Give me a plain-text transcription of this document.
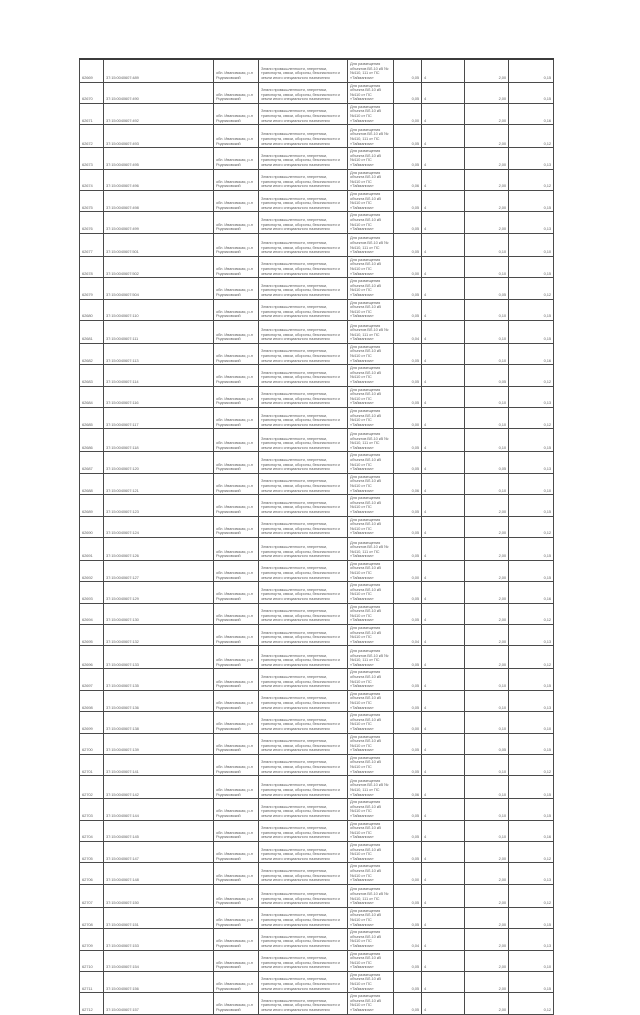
62669	37:15:0040607:489	обл. Ивановская, р-н Родниковский	Земли промышленности, энергетики, транспорта, связи, обороны, безопасности и земли иного специального назначения	Для размещения объектов ВЛ-10 кВ №№110, 111 от ПС «Тайманиха»	0,05	4	2,00	0,15
62670	37:15:0040607:490	обл. Ивановская, р-н Родниковский	Земли промышленности, энергетики, транспорта, связи, обороны, безопасности и земли иного специального назначения	Для размещения объекта ВЛ-10 кВ №110 от ПС «Тайманиха»	0,05	4	2,00	0,15
62671	37:15:0040607:492	обл. Ивановская, р-н Родниковский	Земли промышленности, энергетики, транспорта, связи, обороны, безопасности и земли иного специального назначения	Для размещения объекта ВЛ-10 кВ №110 от ПС «Тайманиха»	0,00	4	2,00	0,16
62672	37:15:0040607:493	обл. Ивановская, р-н Родниковский	Земли промышленности, энергетики, транспорта, связи, обороны, безопасности и земли иного специального назначения	Для размещения объектов ВЛ-10 кВ №№110, 111 от ПС «Тайманиха»	0,05	4	2,00	0,12
62673	37:15:0040607:495	обл. Ивановская, р-н Родниковский	Земли промышленности, энергетики, транспорта, связи, обороны, безопасности и земли иного специального назначения	Для размещения объекта ВЛ-10 кВ №110 от ПС «Тайманиха»	0,05	4	2,00	0,13
62674	37:15:0040607:496	обл. Ивановская, р-н Родниковский	Земли промышленности, энергетики, транспорта, связи, обороны, безопасности и земли иного специального назначения	Для размещения объекта ВЛ-10 кВ №110 от ПС «Тайманиха»	0,06	4	2,00	0,12
62675	37:15:0040607:498	обл. Ивановская, р-н Родниковский	Земли промышленности, энергетики, транспорта, связи, обороны, безопасности и земли иного специального назначения	Для размещения объекта ВЛ-10 кВ №110 от ПС «Тайманиха»	0,05	4	2,00	0,15
62676	37:15:0040607:499	обл. Ивановская, р-н Родниковский	Земли промышленности, энергетики, транспорта, связи, обороны, безопасности и земли иного специального назначения	Для размещения объекта ВЛ-10 кВ №110 от ПС «Тайманиха»	0,05	4	2,00	0,13
62677	37:15:0040607:501	обл. Ивановская, р-н Родниковский	Земли промышленности, энергетики, транспорта, связи, обороны, безопасности и земли иного специального назначения	Для размещения объектов ВЛ-10 кВ №№110, 111 от ПС «Тайманиха»	0,05	4	0,10	0,10
62678	37:15:0040607:502	обл. Ивановская, р-н Родниковский	Земли промышленности, энергетики, транспорта, связи, обороны, безопасности и земли иного специального назначения	Для размещения объекта ВЛ-10 кВ №110 от ПС «Тайманиха»	0,00	4	0,10	0,15
62679	37:15:0040607:504	обл. Ивановская, р-н Родниковский	Земли промышленности, энергетики, транспорта, связи, обороны, безопасности и земли иного специального назначения	Для размещения объекта ВЛ-10 кВ №110 от ПС «Тайманиха»	0,05	4	0,05	0,12
62680	37:15:0040607:110	обл. Ивановская, р-н Родниковский	Земли промышленности, энергетики, транспорта, связи, обороны, безопасности и земли иного специального назначения	Для размещения объекта ВЛ-10 кВ №110 от ПС «Тайманиха»	0,05	4	0,10	0,15
62681	37:15:0040607:111	обл. Ивановская, р-н Родниковский	Земли промышленности, энергетики, транспорта, связи, обороны, безопасности и земли иного специального назначения	Для размещения объектов ВЛ-10 кВ №№110, 111 от ПС «Тайманиха»	0,04	4	0,10	0,15
62682	37:15:0040607:113	обл. Ивановская, р-н Родниковский	Земли промышленности, энергетики, транспорта, связи, обороны, безопасности и земли иного специального назначения	Для размещения объекта ВЛ-10 кВ №110 от ПС «Тайманиха»	0,05	4	0,10	0,16
62683	37:15:0040607:114	обл. Ивановская, р-н Родниковский	Земли промышленности, энергетики, транспорта, связи, обороны, безопасности и земли иного специального назначения	Для размещения объекта ВЛ-10 кВ №110 от ПС «Тайманиха»	0,05	4	0,05	0,12
62684	37:15:0040607:116	обл. Ивановская, р-н Родниковский	Земли промышленности, энергетики, транспорта, связи, обороны, безопасности и земли иного специального назначения	Для размещения объекта ВЛ-10 кВ №110 от ПС «Тайманиха»	0,05	4	0,10	0,13
62685	37:15:0040607:117	обл. Ивановская, р-н Родниковский	Земли промышленности, энергетики, транспорта, связи, обороны, безопасности и земли иного специального назначения	Для размещения объекта ВЛ-10 кВ №110 от ПС «Тайманиха»	0,00	4	0,10	0,12
62686	37:15:0040607:118	обл. Ивановская, р-н Родниковский	Земли промышленности, энергетики, транспорта, связи, обороны, безопасности и земли иного специального назначения	Для размещения объектов ВЛ-10 кВ №№110, 111 от ПС «Тайманиха»	0,05	4	0,10	0,15
62687	37:15:0040607:120	обл. Ивановская, р-н Родниковский	Земли промышленности, энергетики, транспорта, связи, обороны, безопасности и земли иного специального назначения	Для размещения объекта ВЛ-10 кВ №110 от ПС «Тайманиха»	0,05	4	0,05	0,13
62688	37:15:0040607:121	обл. Ивановская, р-н Родниковский	Земли промышленности, энергетики, транспорта, связи, обороны, безопасности и земли иного специального назначения	Для размещения объекта ВЛ-10 кВ №110 от ПС «Тайманиха»	0,06	4	0,10	0,10
62689	37:15:0040607:123	обл. Ивановская, р-н Родниковский	Земли промышленности, энергетики, транспорта, связи, обороны, безопасности и земли иного специального назначения	Для размещения объекта ВЛ-10 кВ №110 от ПС «Тайманиха»	0,05	4	2,00	0,15
62690	37:15:0040607:124	обл. Ивановская, р-н Родниковский	Земли промышленности, энергетики, транспорта, связи, обороны, безопасности и земли иного специального назначения	Для размещения объекта ВЛ-10 кВ №110 от ПС «Тайманиха»	0,05	4	2,00	0,12
62691	37:15:0040607:126	обл. Ивановская, р-н Родниковский	Земли промышленности, энергетики, транспорта, связи, обороны, безопасности и земли иного специального назначения	Для размещения объектов ВЛ-10 кВ №№110, 111 от ПС «Тайманиха»	0,05	4	2,00	0,15
62692	37:15:0040607:127	обл. Ивановская, р-н Родниковский	Земли промышленности, энергетики, транспорта, связи, обороны, безопасности и земли иного специального назначения	Для размещения объекта ВЛ-10 кВ №110 от ПС «Тайманиха»	0,00	4	2,00	0,15
62693	37:15:0040607:129	обл. Ивановская, р-н Родниковский	Земли промышленности, энергетики, транспорта, связи, обороны, безопасности и земли иного специального назначения	Для размещения объекта ВЛ-10 кВ №110 от ПС «Тайманиха»	0,05	4	2,00	0,16
62694	37:15:0040607:130	обл. Ивановская, р-н Родниковский	Земли промышленности, энергетики, транспорта, связи, обороны, безопасности и земли иного специального назначения	Для размещения объекта ВЛ-10 кВ №110 от ПС «Тайманиха»	0,05	4	2,00	0,12
62695	37:15:0040607:132	обл. Ивановская, р-н Родниковский	Земли промышленности, энергетики, транспорта, связи, обороны, безопасности и земли иного специального назначения	Для размещения объекта ВЛ-10 кВ №110 от ПС «Тайманиха»	0,04	4	2,00	0,13
62696	37:15:0040607:133	обл. Ивановская, р-н Родниковский	Земли промышленности, энергетики, транспорта, связи, обороны, безопасности и земли иного специального назначения	Для размещения объектов ВЛ-10 кВ №№110, 111 от ПС «Тайманиха»	0,05	4	2,00	0,12
62697	37:15:0040607:135	обл. Ивановская, р-н Родниковский	Земли промышленности, энергетики, транспорта, связи, обороны, безопасности и земли иного специального назначения	Для размещения объекта ВЛ-10 кВ №110 от ПС «Тайманиха»	0,05	4	0,10	0,15
62698	37:15:0040607:136	обл. Ивановская, р-н Родниковский	Земли промышленности, энергетики, транспорта, связи, обороны, безопасности и земли иного специального назначения	Для размещения объекта ВЛ-10 кВ №110 от ПС «Тайманиха»	0,05	4	0,10	0,13
62699	37:15:0040607:138	обл. Ивановская, р-н Родниковский	Земли промышленности, энергетики, транспорта, связи, обороны, безопасности и земли иного специального назначения	Для размещения объекта ВЛ-10 кВ №110 от ПС «Тайманиха»	0,00	4	0,10	0,10
62700	37:15:0040607:139	обл. Ивановская, р-н Родниковский	Земли промышленности, энергетики, транспорта, связи, обороны, безопасности и земли иного специального назначения	Для размещения объекта ВЛ-10 кВ №110 от ПС «Тайманиха»	0,05	4	0,05	0,15
62701	37:15:0040607:141	обл. Ивановская, р-н Родниковский	Земли промышленности, энергетики, транспорта, связи, обороны, безопасности и земли иного специального назначения	Для размещения объекта ВЛ-10 кВ №110 от ПС «Тайманиха»	0,05	4	0,10	0,12
62702	37:15:0040607:142	обл. Ивановская, р-н Родниковский	Земли промышленности, энергетики, транспорта, связи, обороны, безопасности и земли иного специального назначения	Для размещения объектов ВЛ-10 кВ №№110, 111 от ПС «Тайманиха»	0,06	4	0,10	0,15
62703	37:15:0040607:144	обл. Ивановская, р-н Родниковский	Земли промышленности, энергетики, транспорта, связи, обороны, безопасности и земли иного специального назначения	Для размещения объекта ВЛ-10 кВ №110 от ПС «Тайманиха»	0,05	4	0,10	0,15
62704	37:15:0040607:145	обл. Ивановская, р-н Родниковский	Земли промышленности, энергетики, транспорта, связи, обороны, безопасности и земли иного специального назначения	Для размещения объекта ВЛ-10 кВ №110 от ПС «Тайманиха»	0,05	4	0,10	0,16
62705	37:15:0040607:147	обл. Ивановская, р-н Родниковский	Земли промышленности, энергетики, транспорта, связи, обороны, безопасности и земли иного специального назначения	Для размещения объекта ВЛ-10 кВ №110 от ПС «Тайманиха»	0,05	4	2,00	0,12
62706	37:15:0040607:148	обл. Ивановская, р-н Родниковский	Земли промышленности, энергетики, транспорта, связи, обороны, безопасности и земли иного специального назначения	Для размещения объекта ВЛ-10 кВ №110 от ПС «Тайманиха»	0,00	4	2,00	0,13
62707	37:15:0040607:150	обл. Ивановская, р-н Родниковский	Земли промышленности, энергетики, транспорта, связи, обороны, безопасности и земли иного специального назначения	Для размещения объектов ВЛ-10 кВ №№110, 111 от ПС «Тайманиха»	0,05	4	2,00	0,12
62708	37:15:0040607:151	обл. Ивановская, р-н Родниковский	Земли промышленности, энергетики, транспорта, связи, обороны, безопасности и земли иного специального назначения	Для размещения объекта ВЛ-10 кВ №110 от ПС «Тайманиха»	0,05	4	2,00	0,15
62709	37:15:0040607:153	обл. Ивановская, р-н Родниковский	Земли промышленности, энергетики, транспорта, связи, обороны, безопасности и земли иного специального назначения	Для размещения объекта ВЛ-10 кВ №110 от ПС «Тайманиха»	0,04	4	2,00	0,13
62710	37:15:0040607:154	обл. Ивановская, р-н Родниковский	Земли промышленности, энергетики, транспорта, связи, обороны, безопасности и земли иного специального назначения	Для размещения объекта ВЛ-10 кВ №110 от ПС «Тайманиха»	0,05	4	2,00	0,10
62711	37:15:0040607:156	обл. Ивановская, р-н Родниковский	Земли промышленности, энергетики, транспорта, связи, обороны, безопасности и земли иного специального назначения	Для размещения объекта ВЛ-10 кВ №110 от ПС «Тайманиха»	0,05	4	2,00	0,15
62712	37:15:0040607:157	обл. Ивановская, р-н Родниковский	Земли промышленности, энергетики, транспорта, связи, обороны, безопасности и земли иного специального назначения	Для размещения объекта ВЛ-10 кВ №110 от ПС «Тайманиха»	0,05	4	2,00	0,12
